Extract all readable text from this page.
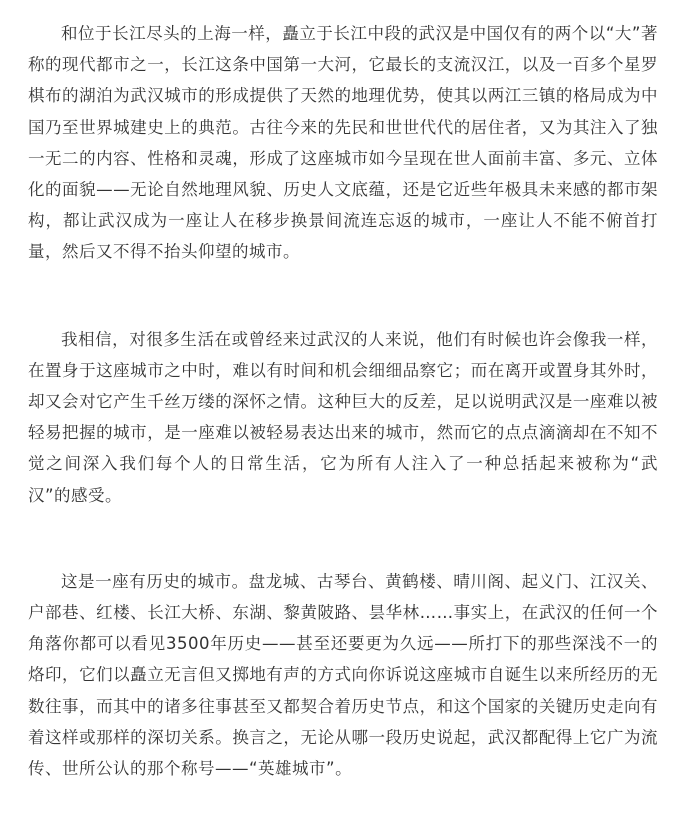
和位于长江尽头的上海一样，矗立于长江中段的武汉是中国仅有的两个以“大”著称的现代都市之一，长江这条中国第一大河，它最长的支流汉江，以及一百多个星罗棋布的湖泊为武汉城市的形成提供了天然的地理优势，使其以两江三镇的格局成为中国乃至世界城建史上的典范。古往今来的先民和世世代代的居住者，又为其注入了独一无二的内容、性格和灵魂，形成了这座城市如今呈现在世人面前丰富、多元、立体化的面貌——无论自然地理风貌、历史人文底蕴，还是它近些年极具未来感的都市架构，都让武汉成为一座让人在移步换景间流连忘返的城市，一座让人不能不俯首打量，然后又不得不抬头仰望的城市。

我相信，对很多生活在或曾经来过武汉的人来说，他们有时候也许会像我一样，在置身于这座城市之中时，难以有时间和机会细细品察它；而在离开或置身其外时，却又会对它产生千丝万缕的深怀之情。这种巨大的反差，足以说明武汉是一座难以被轻易把握的城市，是一座难以被轻易表达出来的城市，然而它的点点滴滴却在不知不觉之间深入我们每个人的日常生活，它为所有人注入了一种总括起来被称为“武汉”的感受。

这是一座有历史的城市。盘龙城、古琴台、黄鹤楼、晴川阁、起义门、江汉关、户部巷、红楼、长江大桥、东湖、黎黄陂路、昙华林……事实上，在武汉的任何一个角落你都可以看见3500年历史——甚至还要更为久远——所打下的那些深浅不一的烙印，它们以矗立无言但又掷地有声的方式向你诉说这座城市自诞生以来所经历的无数往事，而其中的诸多往事甚至又都契合着历史节点，和这个国家的关键历史走向有着这样或那样的深切关系。换言之，无论从哪一段历史说起，武汉都配得上它广为流传、世所公认的那个称号——“英雄城市”。
